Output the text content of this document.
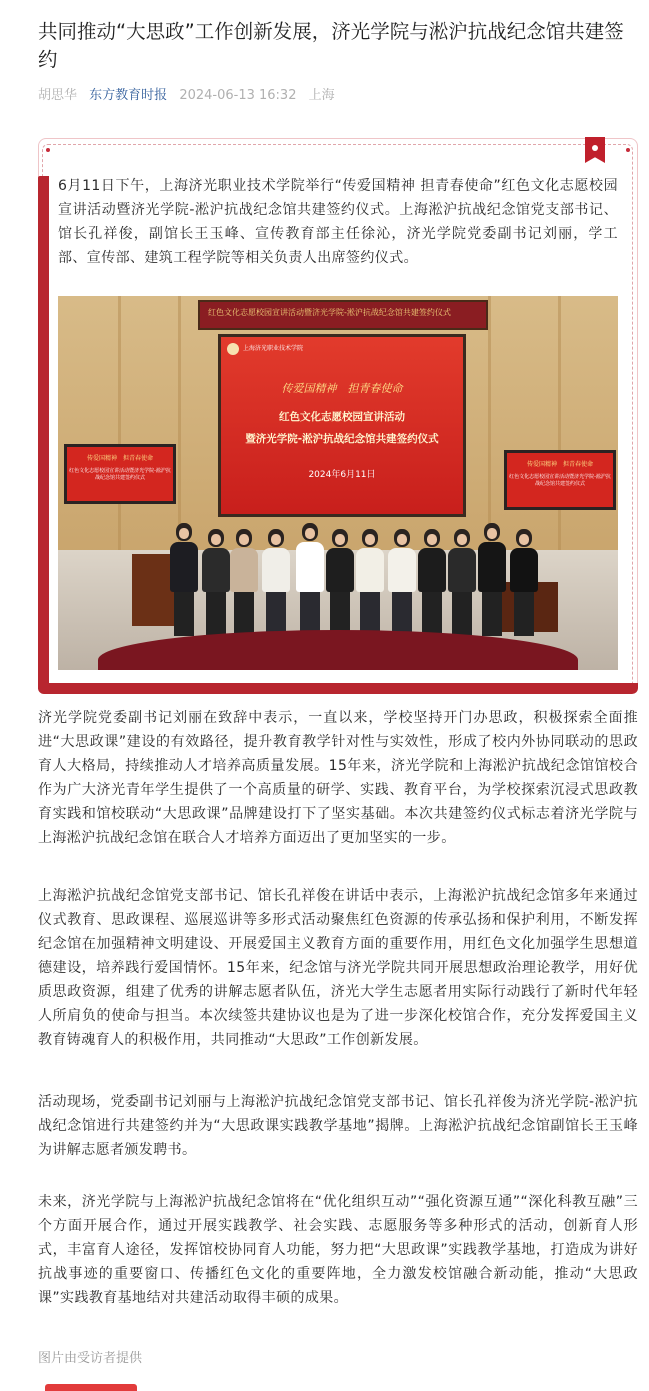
共同推动“大思政”工作创新发展，济光学院与淞沪抗战纪念馆共建签约
胡思华 东方教育时报 2024-06-13 16:32 上海

6月11日下午，上海济光职业技术学院举行“传爱国精神 担青春使命”红色文化志愿校园宣讲活动暨济光学院-淞沪抗战纪念馆共建签约仪式。上海淞沪抗战纪念馆党支部书记、馆长孔祥俊，副馆长王玉峰、宣传教育部主任徐沁，济光学院党委副书记刘丽，学工部、宣传部、建筑工程学院等相关负责人出席签约仪式。

红色文化志愿校园宣讲活动暨济光学院-淞沪抗战纪念馆共建签约仪式
上海济光职业技术学院
传爱国精神　担青春使命
红色文化志愿校园宣讲活动
暨济光学院-淞沪抗战纪念馆共建签约仪式
2024年6月11日
传爱国精神　担青春使命
红色文化志愿校园宣讲活动暨济光学院-淞沪抗战纪念馆共建签约仪式
传爱国精神　担青春使命
红色文化志愿校园宣讲活动暨济光学院-淞沪抗战纪念馆共建签约仪式

济光学院党委副书记刘丽在致辞中表示，一直以来，学校坚持开门办思政，积极探索全面推进“大思政课”建设的有效路径，提升教育教学针对性与实效性，形成了校内外协同联动的思政育人大格局，持续推动人才培养高质量发展。15年来，济光学院和上海淞沪抗战纪念馆馆校合作为广大济光青年学生提供了一个高质量的研学、实践、教育平台，为学校探索沉浸式思政教育实践和馆校联动“大思政课”品牌建设打下了坚实基础。本次共建签约仪式标志着济光学院与上海淞沪抗战纪念馆在联合人才培养方面迈出了更加坚实的一步。

上海淞沪抗战纪念馆党支部书记、馆长孔祥俊在讲话中表示，上海淞沪抗战纪念馆多年来通过仪式教育、思政课程、巡展巡讲等多形式活动聚焦红色资源的传承弘扬和保护利用，不断发挥纪念馆在加强精神文明建设、开展爱国主义教育方面的重要作用，用红色文化加强学生思想道德建设，培养践行爱国情怀。15年来，纪念馆与济光学院共同开展思想政治理论教学，用好优质思政资源，组建了优秀的讲解志愿者队伍，济光大学生志愿者用实际行动践行了新时代年轻人所肩负的使命与担当。本次续签共建协议也是为了进一步深化校馆合作，充分发挥爱国主义教育铸魂育人的积极作用，共同推动“大思政”工作创新发展。

活动现场，党委副书记刘丽与上海淞沪抗战纪念馆党支部书记、馆长孔祥俊为济光学院-淞沪抗战纪念馆进行共建签约并为“大思政课实践教学基地”揭牌。上海淞沪抗战纪念馆副馆长王玉峰为讲解志愿者颁发聘书。

未来，济光学院与上海淞沪抗战纪念馆将在“优化组织互动”“强化资源互通”“深化科教互融”三个方面开展合作，通过开展实践教学、社会实践、志愿服务等多种形式的活动，创新育人形式，丰富育人途径，发挥馆校协同育人功能，努力把“大思政课”实践教学基地，打造成为讲好抗战事迹的重要窗口、传播红色文化的重要阵地，全力激发校馆融合新动能，推动“大思政课”实践教育基地结对共建活动取得丰硕的成果。

图片由受访者提供
